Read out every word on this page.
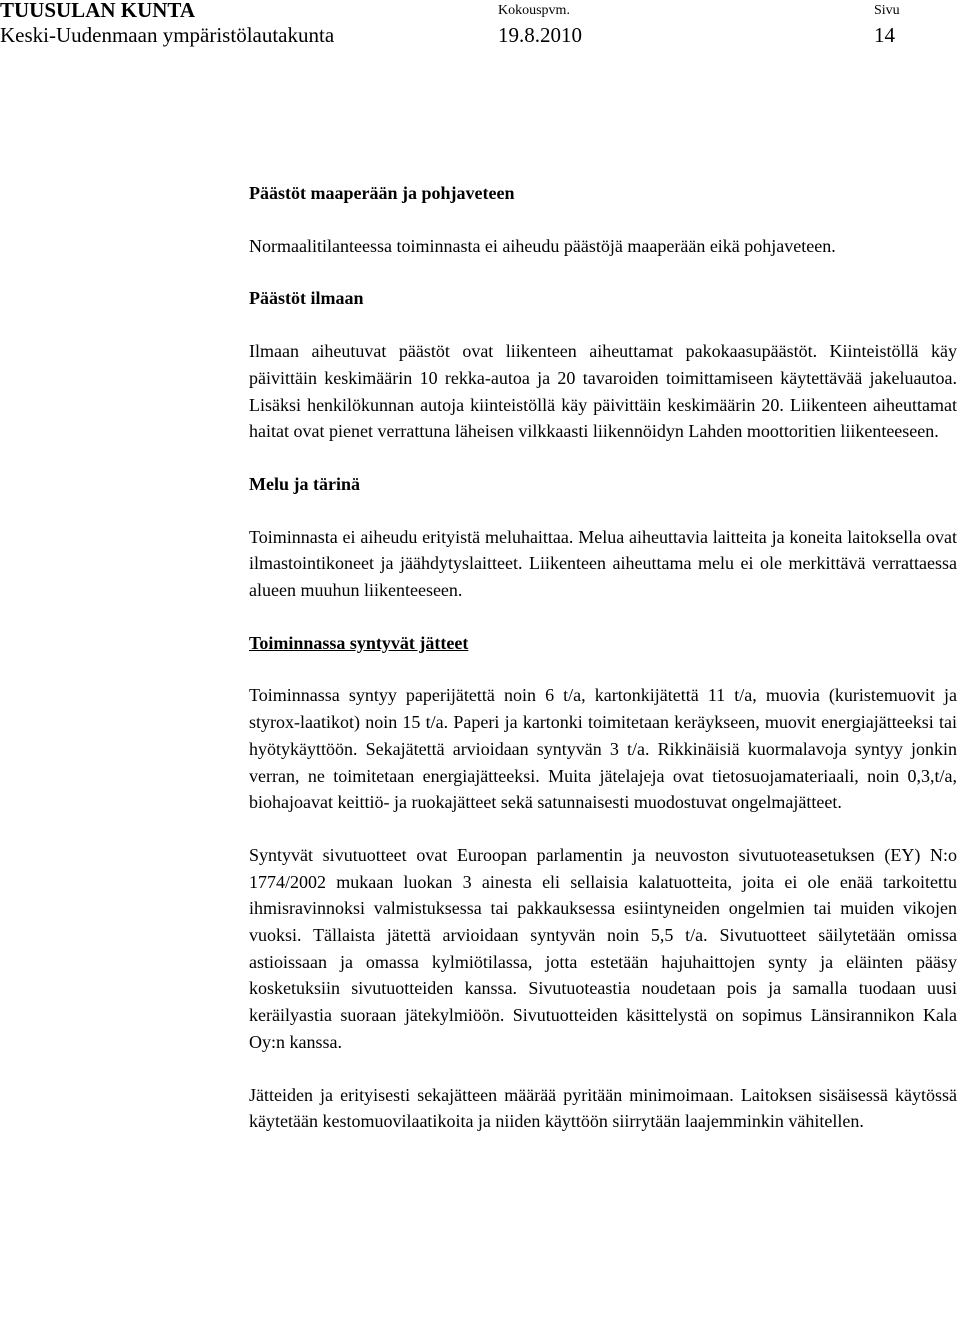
TUUSULAN KUNTA
Keski-Uudenmaan ympäristölautakunta
Kokouspvm.
19.8.2010
Sivu
14
Päästöt maaperään ja pohjaveteen

Normaalitilanteessa toiminnasta ei aiheudu päästöjä maaperään eikä pohjaveteen.

Päästöt ilmaan

Ilmaan aiheutuvat päästöt ovat liikenteen aiheuttamat pakokaasupäästöt. Kiinteistöllä käy päivittäin keskimäärin 10 rekka-autoa ja 20 tavaroiden toimittamiseen käytettävää jakeluautoa. Lisäksi henkilökunnan autoja kiinteistöllä käy päivittäin keskimäärin 20. Liikenteen aiheuttamat haitat ovat pienet verrattuna läheisen vilkkaasti liikennöidyn Lahden moottoritien liikenteeseen.

Melu ja tärinä

Toiminnasta ei aiheudu erityistä meluhaittaa. Melua aiheuttavia laitteita ja koneita laitoksella ovat ilmastointikoneet ja jäähdytyslaitteet. Liikenteen aiheuttama melu ei ole merkittävä verrattaessa alueen muuhun liikenteeseen.

Toiminnassa syntyvät jätteet

Toiminnassa syntyy paperijätettä noin 6 t/a, kartonkijätettä 11 t/a, muovia (kuristemuovit ja styrox-laatikot) noin 15 t/a. Paperi ja kartonki toimitetaan keräykseen, muovit energiajätteeksi tai hyötykäyttöön. Sekajätettä arvioidaan syntyvän 3 t/a. Rikkinäisiä kuormalavoja syntyy jonkin verran, ne toimitetaan energiajätteeksi. Muita jätelajeja ovat tietosuojamateriaali, noin 0,3,t/a, biohajoavat keittiö- ja ruokajätteet sekä satunnaisesti muodostuvat ongelmajätteet.

Syntyvät sivutuotteet ovat Euroopan parlamentin ja neuvoston sivutuoteasetuksen (EY) N:o 1774/2002 mukaan luokan 3 ainesta eli sellaisia kalatuotteita, joita ei ole enää tarkoitettu ihmisravinnoksi valmistuksessa tai pakkauksessa esiintyneiden ongelmien tai muiden vikojen vuoksi. Tällaista jätettä arvioidaan syntyvän noin 5,5 t/a. Sivutuotteet säilytetään omissa astioissaan ja omassa kylmiötilassa, jotta estetään hajuhaittojen synty ja eläinten pääsy kosketuksiin sivutuotteiden kanssa. Sivutuoteastia noudetaan pois ja samalla tuodaan uusi keräilyastia suoraan jätekylmiöön. Sivutuotteiden käsittelystä on sopimus Länsirannikon Kala Oy:n kanssa.

Jätteiden ja erityisesti sekajätteen määrää pyritään minimoimaan. Laitoksen sisäisessä käytössä käytetään kestomuovilaatikoita ja niiden käyttöön siirrytään laajemminkin vähitellen.
